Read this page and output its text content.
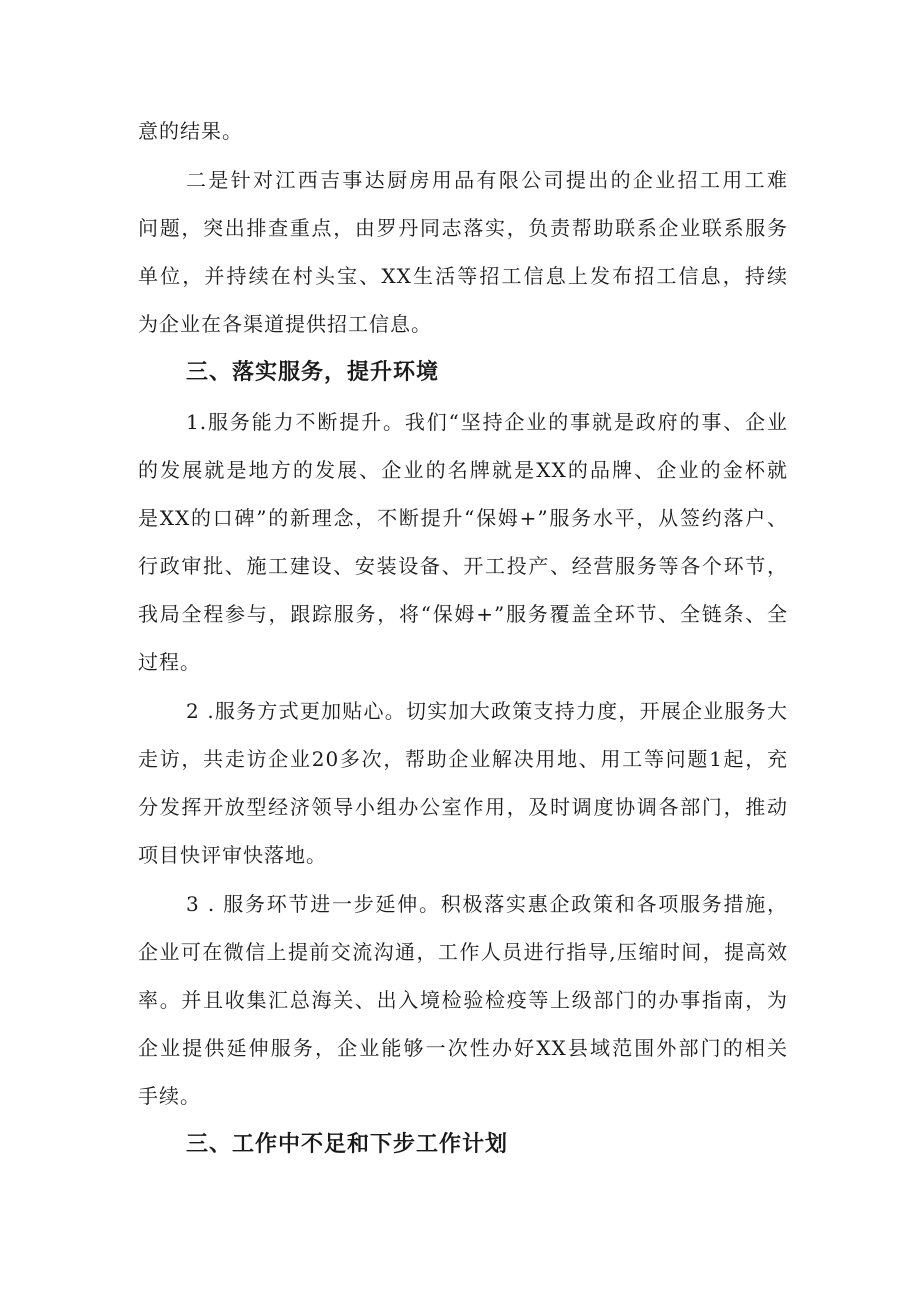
意的结果。
二是针对江西吉事达厨房用品有限公司提出的企业招工用工难
问题，突出排查重点，由罗丹同志落实，负责帮助联系企业联系服务
单位，并持续在村头宝、XX生活等招工信息上发布招工信息，持续
为企业在各渠道提供招工信息。
三、落实服务，提升环境
1.服务能力不断提升。我们“坚持企业的事就是政府的事、企业
的发展就是地方的发展、企业的名牌就是XX的品牌、企业的金杯就
是XX的口碑”的新理念，不断提升“保姆+”服务水平，从签约落户、
行政审批、施工建设、安装设备、开工投产、经营服务等各个环节，
我局全程参与，跟踪服务，将“保姆+”服务覆盖全环节、全链条、全
过程。
2 .服务方式更加贴心。切实加大政策支持力度，开展企业服务大
走访，共走访企业20多次，帮助企业解决用地、用工等问题1起，充
分发挥开放型经济领导小组办公室作用，及时调度协调各部门，推动
项目快评审快落地。
3 . 服务环节进一步延伸。积极落实惠企政策和各项服务措施，
企业可在微信上提前交流沟通，工作人员进行指导,压缩时间，提高效
率。并且收集汇总海关、出入境检验检疫等上级部门的办事指南，为
企业提供延伸服务，企业能够一次性办好XX县域范围外部门的相关
手续。
三、工作中不足和下步工作计划
